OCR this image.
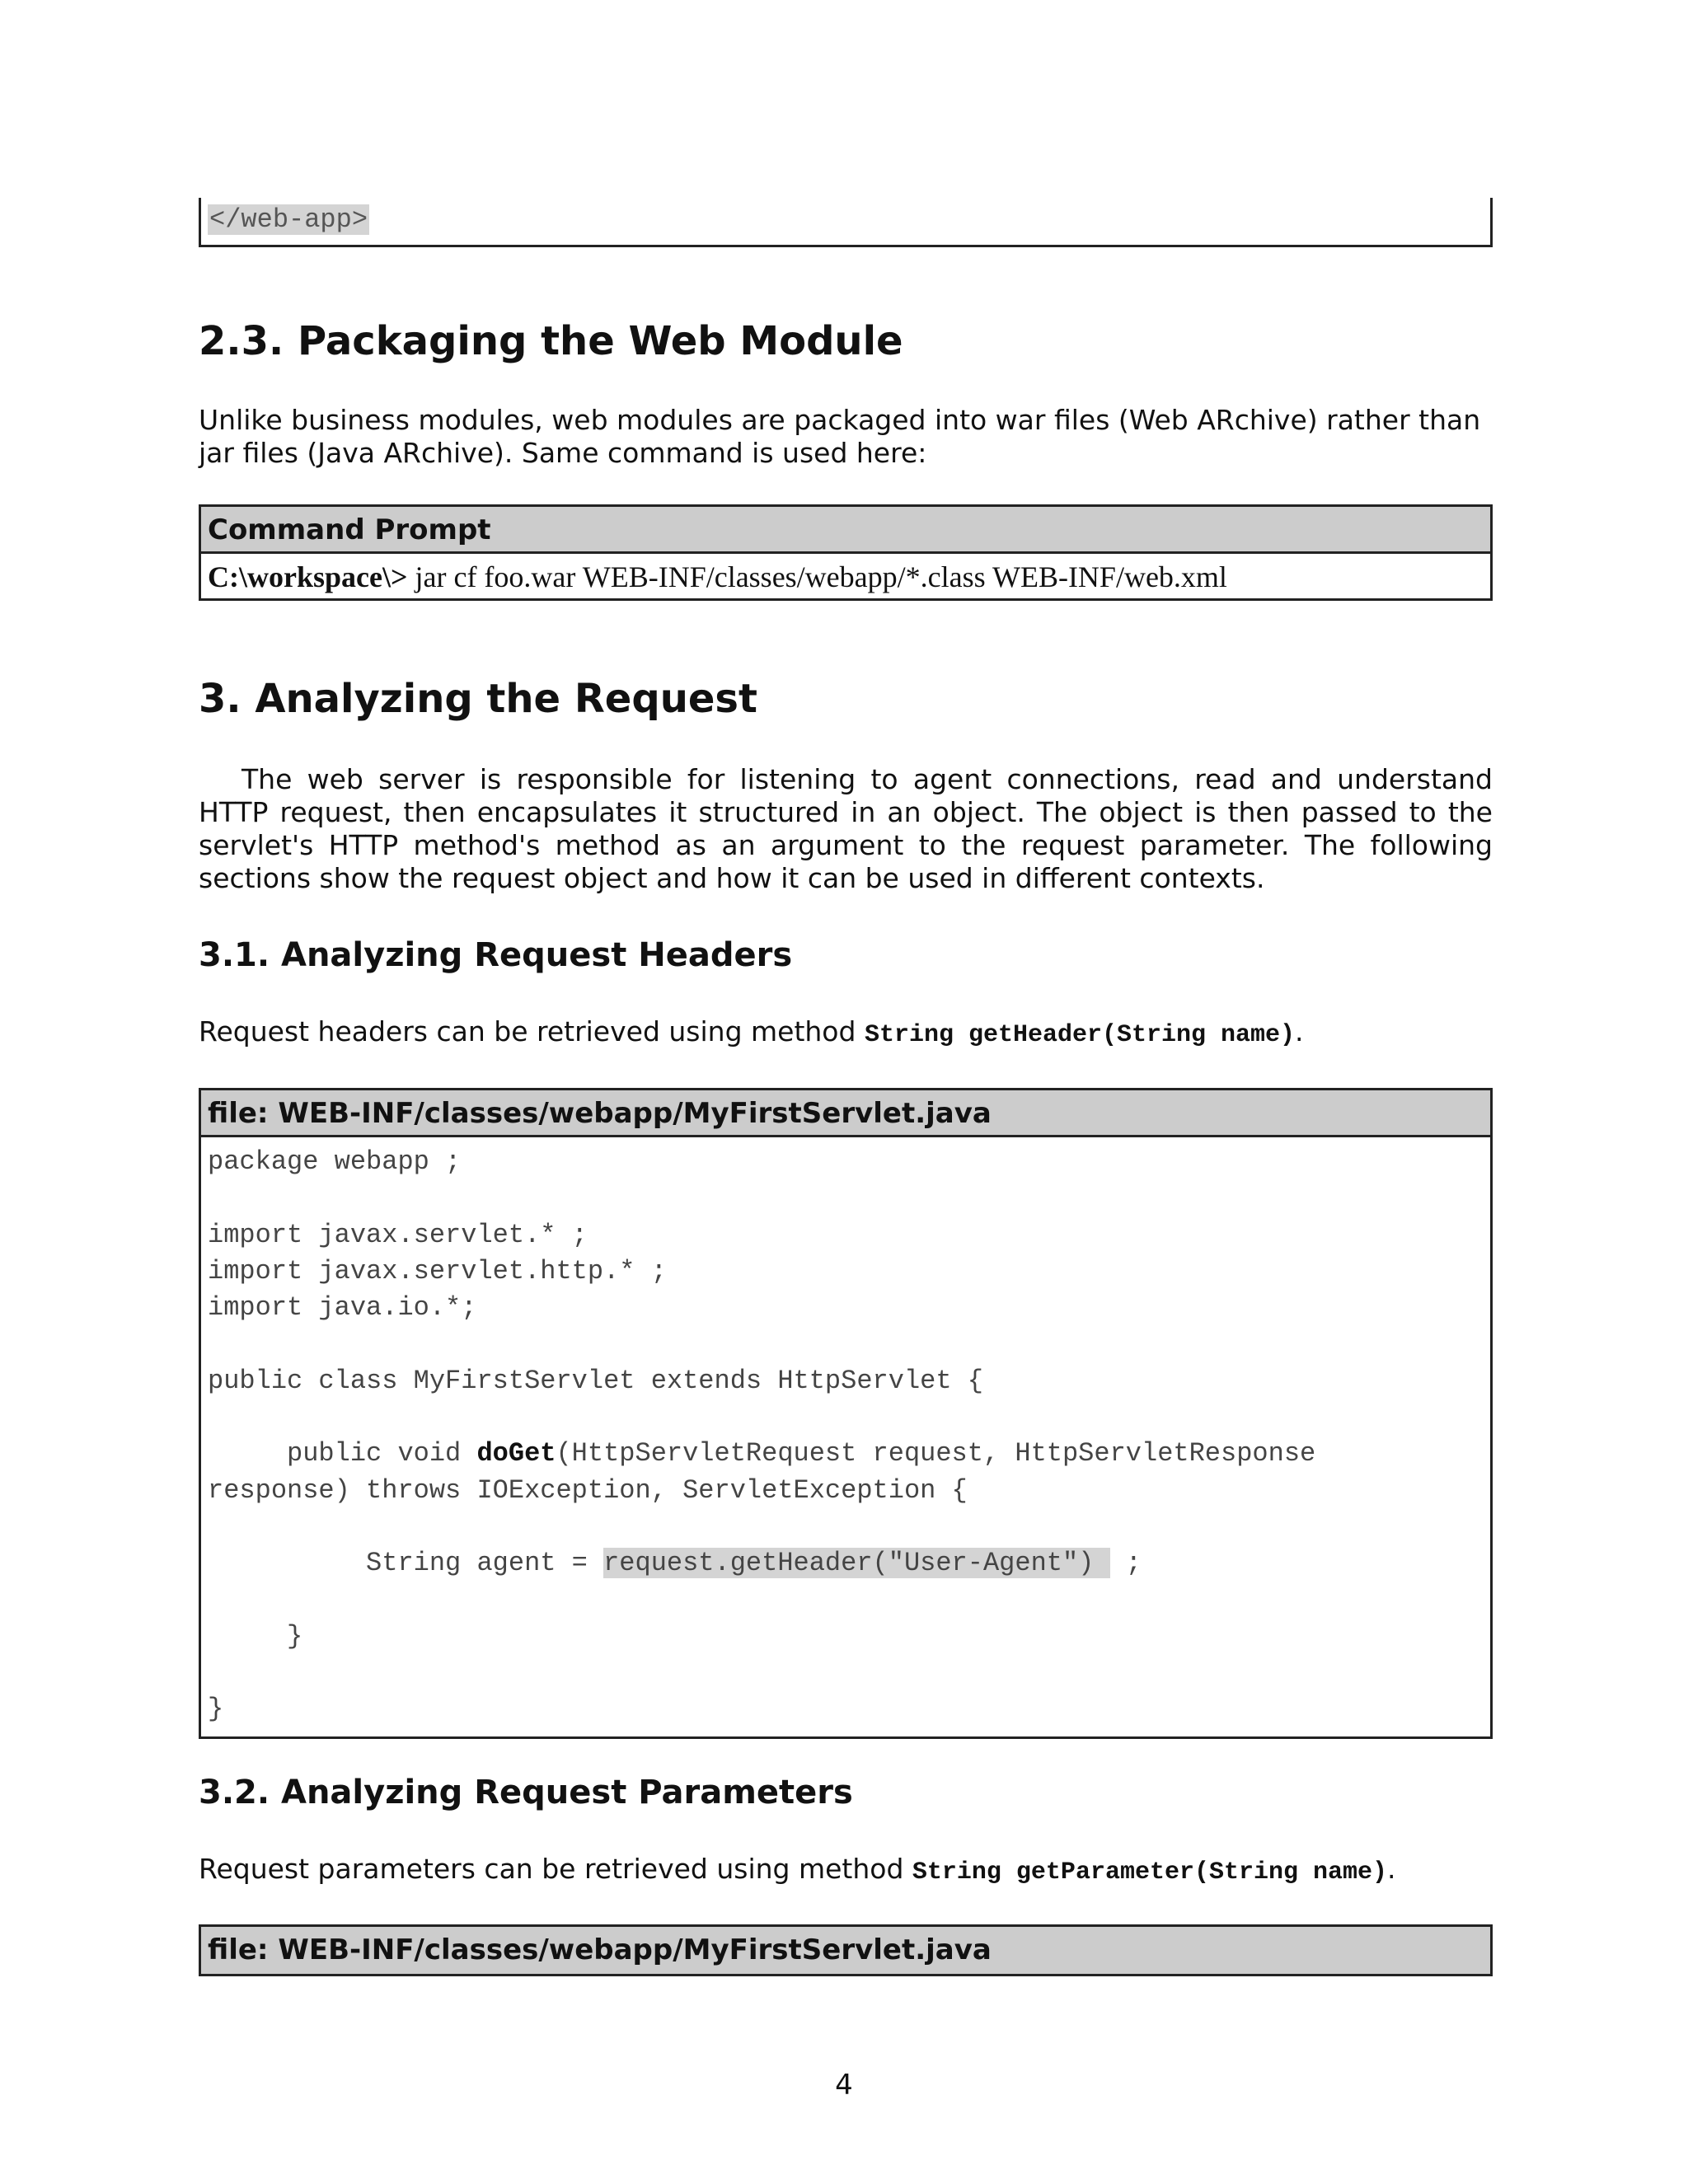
</web-app>
2.3. Packaging the Web Module

Unlike business modules, web modules are packaged into war files (Web ARchive) rather than jar files (Java ARchive). Same command is used here:

Command Prompt
C:\workspace\> jar cf foo.war WEB-INF/classes/webapp/*.class WEB-INF/web.xml
3. Analyzing the Request

The web server is responsible for listening to agent connections, read and understand HTTP request, then encapsulates it structured in an object. The object is then passed to the servlet's HTTP method's method as an argument to the request parameter. The following sections show the request object and how it can be used in different contexts.

3.1. Analyzing Request Headers

Request headers can be retrieved using method String getHeader(String name).

file: WEB-INF/classes/webapp/MyFirstServlet.java
package webapp ;
import javax.servlet.* ;
import javax.servlet.http.* ;
import java.io.*;
public class MyFirstServlet extends HttpServlet {
public void doGet(HttpServletRequest request, HttpServletResponse
response) throws IOException, ServletException {
String agent = request.getHeader("User-Agent")  ;
}
}
3.2. Analyzing Request Parameters

Request parameters can be retrieved using method String getParameter(String name).

file: WEB-INF/classes/webapp/MyFirstServlet.java
4
